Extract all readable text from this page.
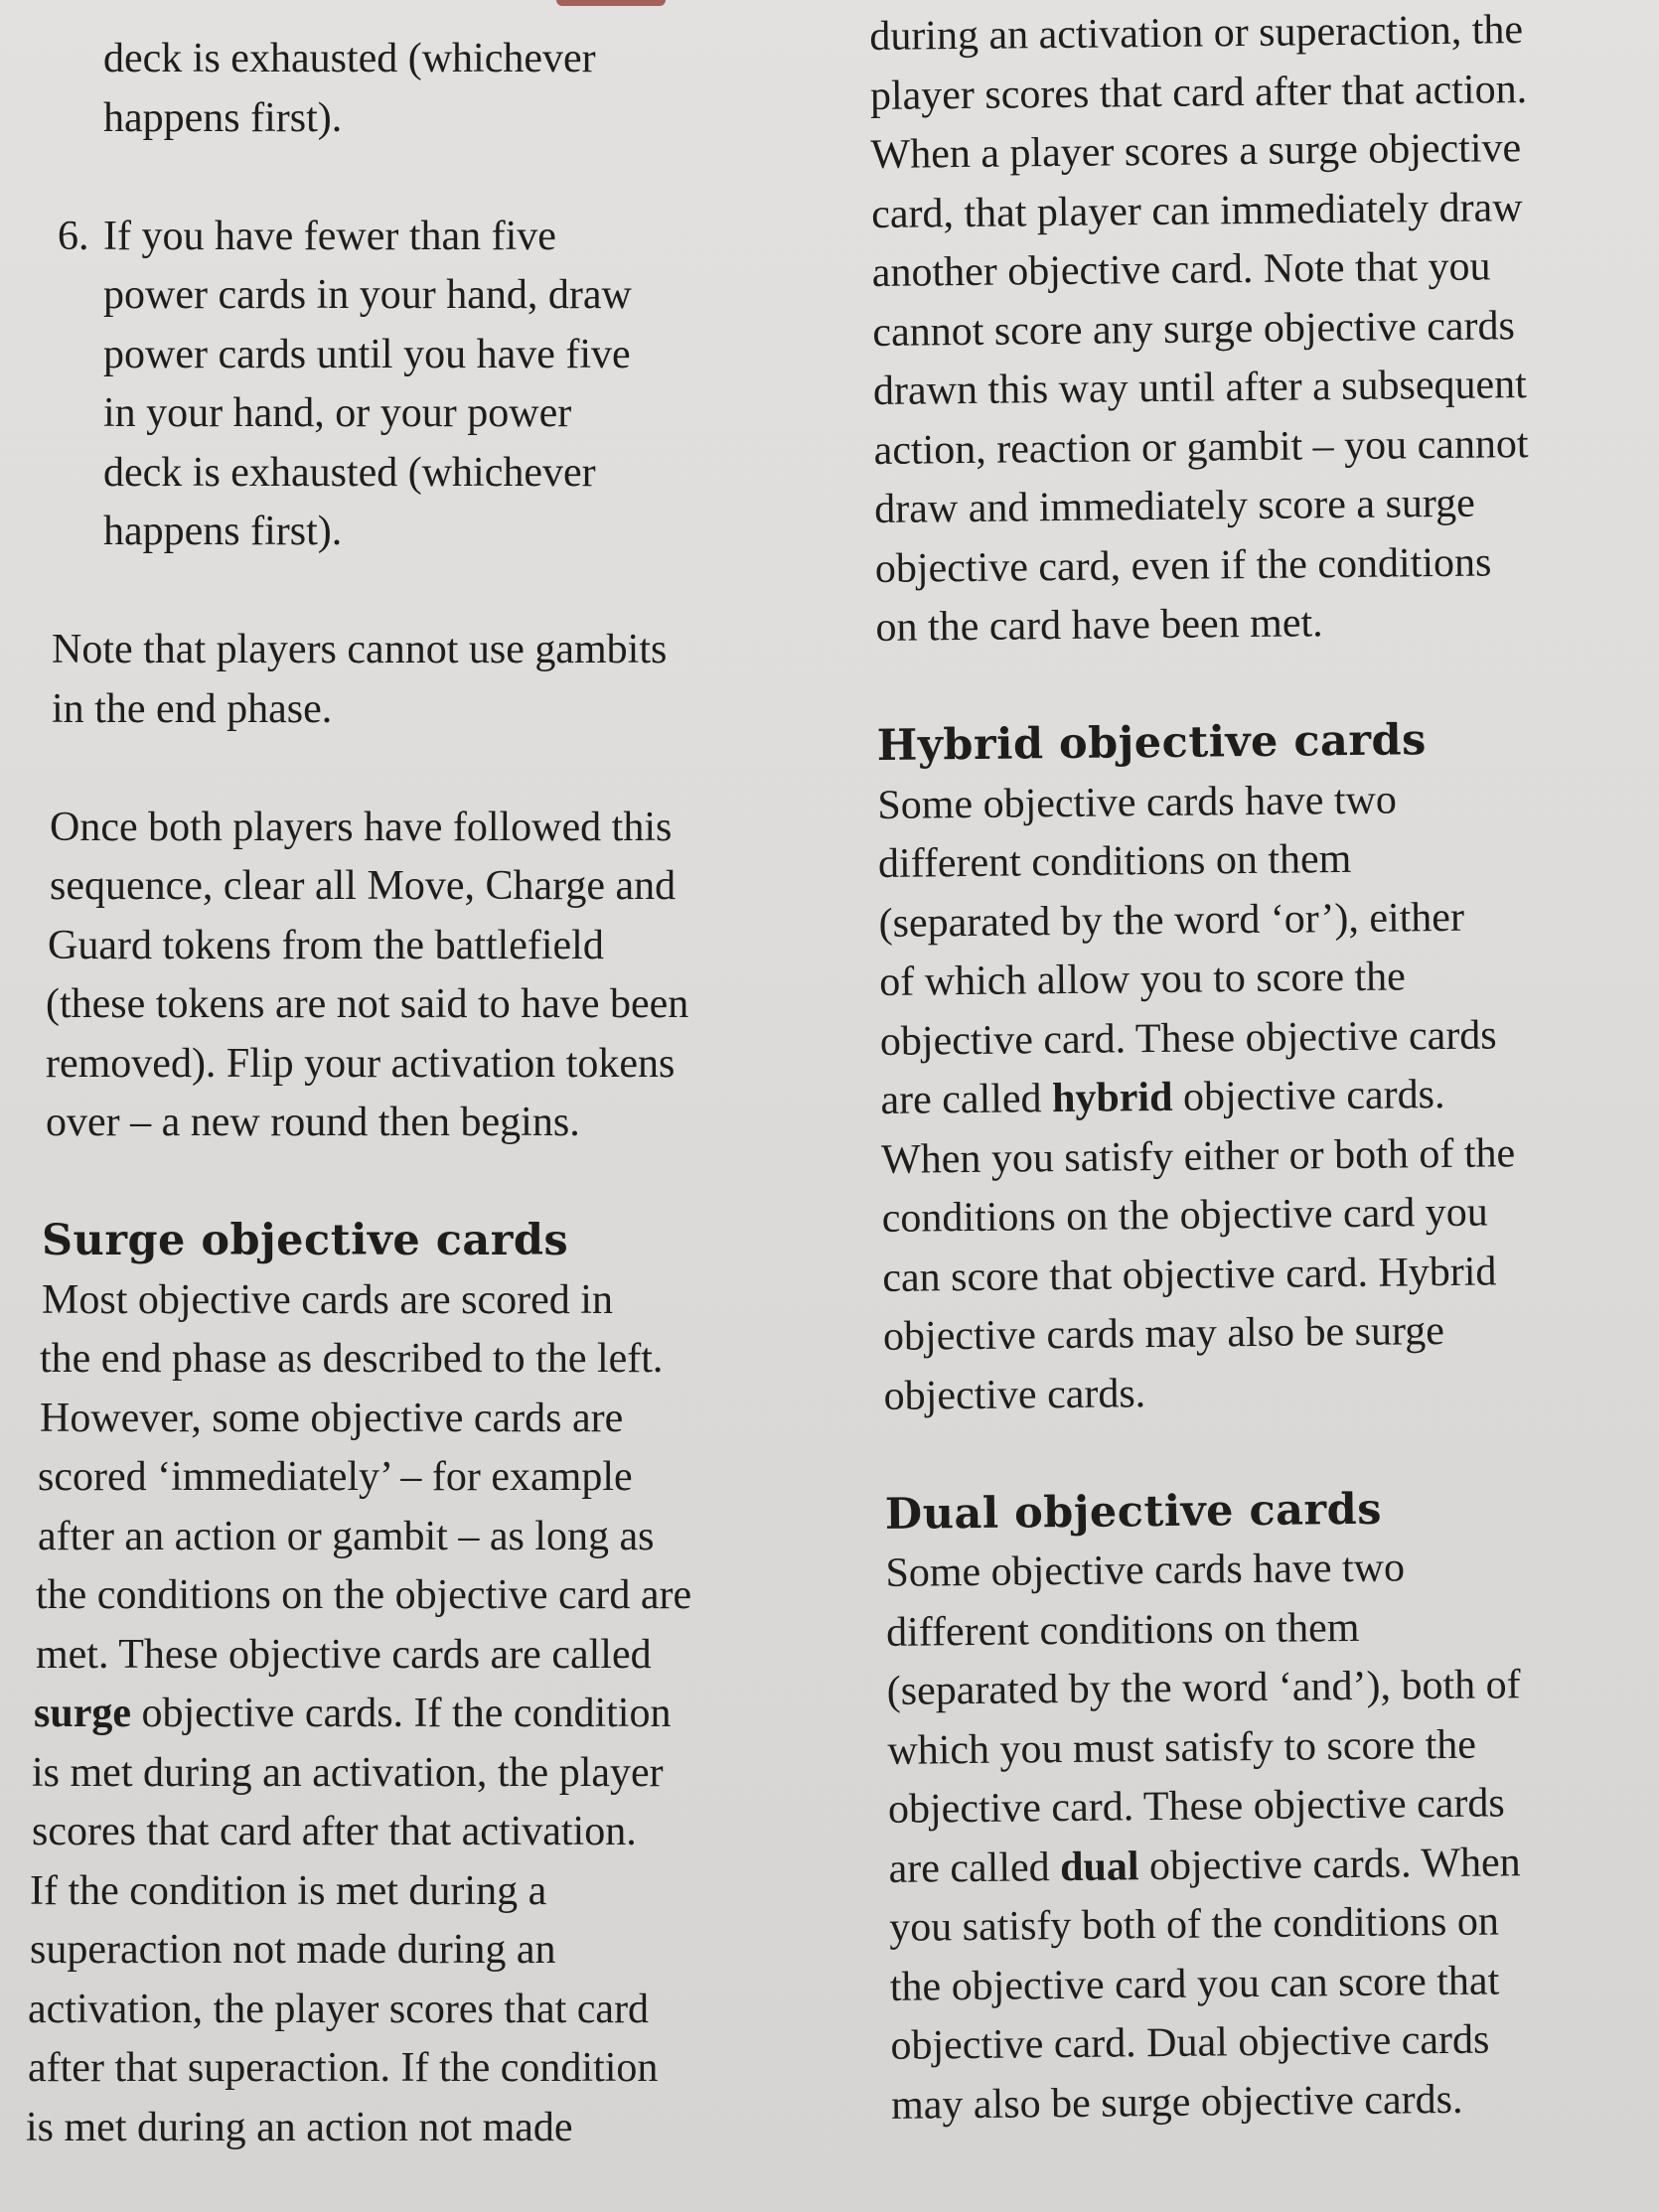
deck is exhausted (whichever
happens first).
6. If you have fewer than five
power cards in your hand, draw
power cards until you have five
in your hand, or your power
deck is exhausted (whichever
happens first).
Note that players cannot use gambits
in the end phase.
Once both players have followed this
sequence, clear all Move, Charge and
Guard tokens from the battlefield
(these tokens are not said to have been
removed). Flip your activation tokens
over – a new round then begins.
Surge objective cards
Most objective cards are scored in
the end phase as described to the left.
However, some objective cards are
scored ‘immediately’ – for example
after an action or gambit – as long as
the conditions on the objective card are
met. These objective cards are called
surge objective cards. If the condition
is met during an activation, the player
scores that card after that activation.
If the condition is met during a
superaction not made during an
activation, the player scores that card
after that superaction. If the condition
is met during an action not made
during an activation or superaction, the
player scores that card after that action.
When a player scores a surge objective
card, that player can immediately draw
another objective card. Note that you
cannot score any surge objective cards
drawn this way until after a subsequent
action, reaction or gambit – you cannot
draw and immediately score a surge
objective card, even if the conditions
on the card have been met.
Hybrid objective cards
Some objective cards have two
different conditions on them
(separated by the word ‘or’), either
of which allow you to score the
objective card. These objective cards
are called hybrid objective cards.
When you satisfy either or both of the
conditions on the objective card you
can score that objective card. Hybrid
objective cards may also be surge
objective cards.
Dual objective cards
Some objective cards have two
different conditions on them
(separated by the word ‘and’), both of
which you must satisfy to score the
objective card. These objective cards
are called dual objective cards. When
you satisfy both of the conditions on
the objective card you can score that
objective card. Dual objective cards
may also be surge objective cards.
